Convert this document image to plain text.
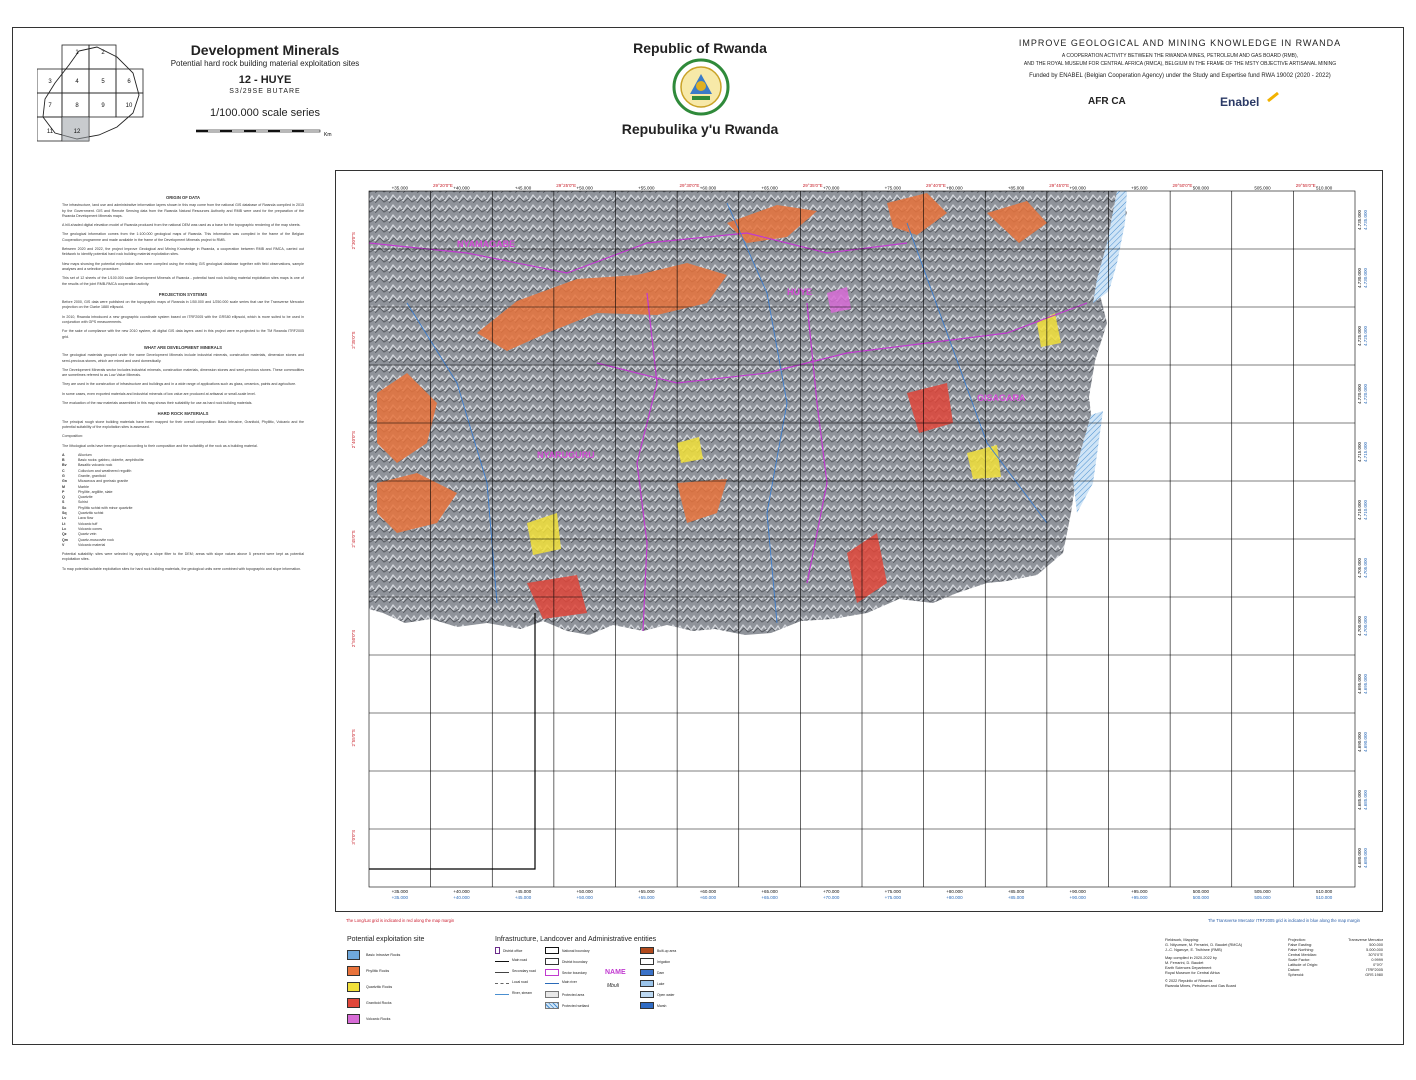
1	2
3	4	5	6
7	8	9	10
11	12
Development Minerals
Potential hard rock building material exploitation sites
12 - HUYE
S3/29SE BUTARE
1/100.000 scale series
Km
Republic of Rwanda
Repubulika y'u Rwanda
IMPROVE GEOLOGICAL AND MINING KNOWLEDGE IN RWANDA
A COOPERATION ACTIVITY BETWEEN THE RWANDA MINES, PETROLEUM AND GAS BOARD (RMB),
AND THE ROYAL MUSEUM FOR CENTRAL AFRICA (RMCA), BELGIUM IN THE FRAME OF THE MSTY OBJECTIVE ARTISANAL MINING
Funded by ENABEL (Belgian Cooperation Agency) under the Study and Expertise fund RWA 19002 (2020 - 2022)
AFR CA	Enabel
ORIGIN OF DATA
The infrastructure, land use and administrative information layers shown in this map come from the national GIS database of Rwanda compiled in 2015 by the Government. GIS and Remote Sensing data from the Rwanda Natural Resources Authority and RMB were used for the preparation of the Rwanda Development Minerals maps.
A hill-shaded digital elevation model of Rwanda produced from the national DEM was used as a base for the topographic rendering of the map sheets.
The geological information comes from the 1:100.000 geological maps of Rwanda. This information was compiled in the frame of the Belgian Cooperation programme and made available in the frame of the Development Minerals project to RMB.
Between 2020 and 2022, the project Improve Geological and Mining Knowledge in Rwanda, a cooperation between RMB and RMCA, carried out fieldwork to identify potential hard rock building material exploitation sites.
New maps showing the potential exploitation sites were compiled using the existing GIS geological database together with field observations, sample analyses and a selection procedure.
This set of 12 sheets of the 1/100.000 scale Development Minerals of Rwanda - potential hard rock building material exploitation sites maps is one of the results of the joint RMB-RMCA cooperation activity.
PROJECTION SYSTEMS
Before 2000, GIS data were published on the topographic maps of Rwanda in 1/50.000 and 1/250.000 scale series that use the Transverse Mercator projection on the Clarke 1880 ellipsoid.
In 2010, Rwanda introduced a new geographic coordinate system based on ITRF2005 with the GRS80 ellipsoid, which is more suited to be used in conjunction with GPS measurements.
For the sake of compliance with the new 2010 system, all digital GIS data layers used in this project were re-projected to the TM Rwanda ITRF2005 grid.
WHAT ARE DEVELOPMENT MINERALS
The geological materials grouped under the name Development Minerals include industrial minerals, construction materials, dimension stones and semi-precious stones, which are mined and used domestically.
The Development Minerals sector includes industrial minerals, construction materials, dimension stones and semi-precious stones. These commodities are sometimes referred to as Low Value Minerals.
They are used in the construction of infrastructure and buildings and in a wide range of applications such as glass, ceramics, paints and agriculture.
In some cases, even exported materials and industrial minerals of low value are produced at artisanal or small-scale level.
The evaluation of the raw materials assembled in this map shows their suitability for use as hard rock building materials.
HARD ROCK MATERIALS
The principal rough stone building materials have been mapped for their overall composition: Basic Intrusive, Granitoid, Phyllitic, Volcanic and the potential suitability of the exploitation sites is assessed.
Composition:
The lithological units have been grouped according to their composition and the suitability of the rock as a building material.
A	Alluvium
B	Basic rocks: gabbro, dolerite, amphibolite
Bv	Basaltic volcanic rock
C	Colluvium and weathered regolith
G	Granite, granitoid
Gn	Micaceous and gneissic granite
M	Marble
P	Phyllite, argillite, slate
Q	Quartzite
S	Schist
Sc	Phyllitic schist with minor quartzite
Sq	Quartzitic schist
Lv	Lava flow
Lt	Volcanic tuff
Lc	Volcanic cones
Qz	Quartz vein
Qm	Quartz-muscovite rock
V	Volcanic material
Potential suitability: sites were selected by applying a slope filter to the DEM; areas with slope values above 5 percent were kept as potential exploitation sites.
To map potential suitable exploitation sites for hard rock building materials, the geological units were combined with topographic and slope information.
+35.000	+40.000	+45.000	+50.000	+55.000	+60.000	+65.000	+70.000	+75.000	+80.000	+85.000	+90.000	+95.000	500.000	505.000	510.000
+35.000
+35.000
+40.000
+40.000
+45.000
+45.000
+50.000
+50.000
+55.000
+55.000
+60.000
+60.000
+65.000
+65.000
+70.000
+70.000
+75.000
+75.000
+80.000
+80.000
+85.000
+85.000
+90.000
+90.000
+95.000
+95.000
500.000
500.000
505.000
505.000
510.000
510.000
29°20'0"E	29°25'0"E	29°30'0"E	29°35'0"E	29°40'0"E	29°45'0"E	29°50'0"E	29°55'0"E
2°30'0"S
2°35'0"S
2°40'0"S
2°45'0"S
2°50'0"S
2°55'0"S
3°0'0"S
4.735.000 4.735.000
4.730.000 4.730.000
4.725.000 4.725.000
4.720.000 4.720.000
4.715.000 4.715.000
4.710.000 4.710.000
4.705.000 4.705.000
4.700.000 4.700.000
4.695.000 4.695.000
4.690.000 4.690.000
4.685.000 4.685.000
4.680.000 4.680.000
HUYE
NYARUGURU
GISAGARA
NYAMAGABE
The Long/Lat grid is indicated in red along the map margin	The Transverse Mercator ITRF2005 grid is indicated in blue along the map margin
Potential exploitation site
Basic Intrusive Rocks
Phyllitic Rocks
Quartzitic Rocks
Granitoid Rocks
Volcanic Rocks
Infrastructure, Landcover and Administrative entities
District office
Main road
Secondary road
Local road
River, stream
National boundary
District boundary
Sector boundary
Main river
Protected area
Protected wetland
Built-up area
Irrigation
Dam
Lake
Open water
Marsh
NAME
Mbuli
Fieldwork, Mapping:
G. Ntiyumwe, M. Ferrarini, D. Baudet (RMCA)
J.-C. Ngaruye, E. Twihirwe (RMB)
Map compiled in 2020-2022 by
M. Ferrarini, D. Baudet
Earth Sciences Department
Royal Museum for Central Africa
© 2022 Republic of Rwanda
Rwanda Mines, Petroleum and Gas Board
Projection:	Transverse Mercator
False Easting:	500.000
False Northing:	5.000.000
Central Meridian:	30°0'0"E
Scale Factor:	0.9999
Latitude of Origin:	0°0'0"
Datum:	ITRF2005
Spheroid:	GRS 1980
